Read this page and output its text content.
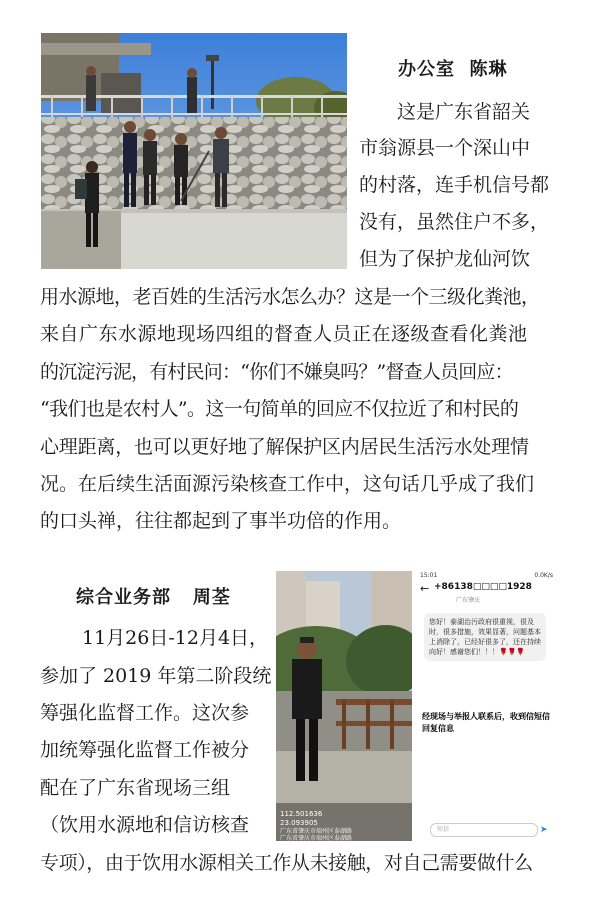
办公室 陈琳
这是广东省韶关
市翁源县一个深山中
的村落，连手机信号都
没有，虽然住户不多，
但为了保护龙仙河饮
用水源地，老百姓的生活污水怎么办？这是一个三级化粪池，
来自广东水源地现场四组的督查人员正在逐级查看化粪池
的沉淀污泥，有村民问：“你们不嫌臭吗？”督查人员回应：
“我们也是农村人”。这一句简单的回应不仅拉近了和村民的
心理距离，也可以更好地了解保护区内居民生活污水处理情
况。在后续生活面源污染核查工作中，这句话几乎成了我们
的口头禅，往往都起到了事半功倍的作用。
综合业务部 周荃
11月26日-12月4日，
参加了 2019 年第二阶段统
筹强化监督工作。这次参
加统筹强化监督工作被分
配在了广东省现场三组
（饮用水源地和信访核查
专项），由于饮用水源相关工作从未接触，对自己需要做什么
112.501636
23.093905
广东省肇庆市端州区泰湖路
广东省肇庆市端州区泰湖路
15:01	0.0K/s
← +86138□□□□1928
广东肇庆
您好！泰湖治污政府很重视，很及时，很多措施，效果显著，问题基本上消除了，已经好很多了，还在持续向好！感谢您们！！！🌹🌹🌹
经现场与举报人联系后，收到信短信回复信息
短信	➤
